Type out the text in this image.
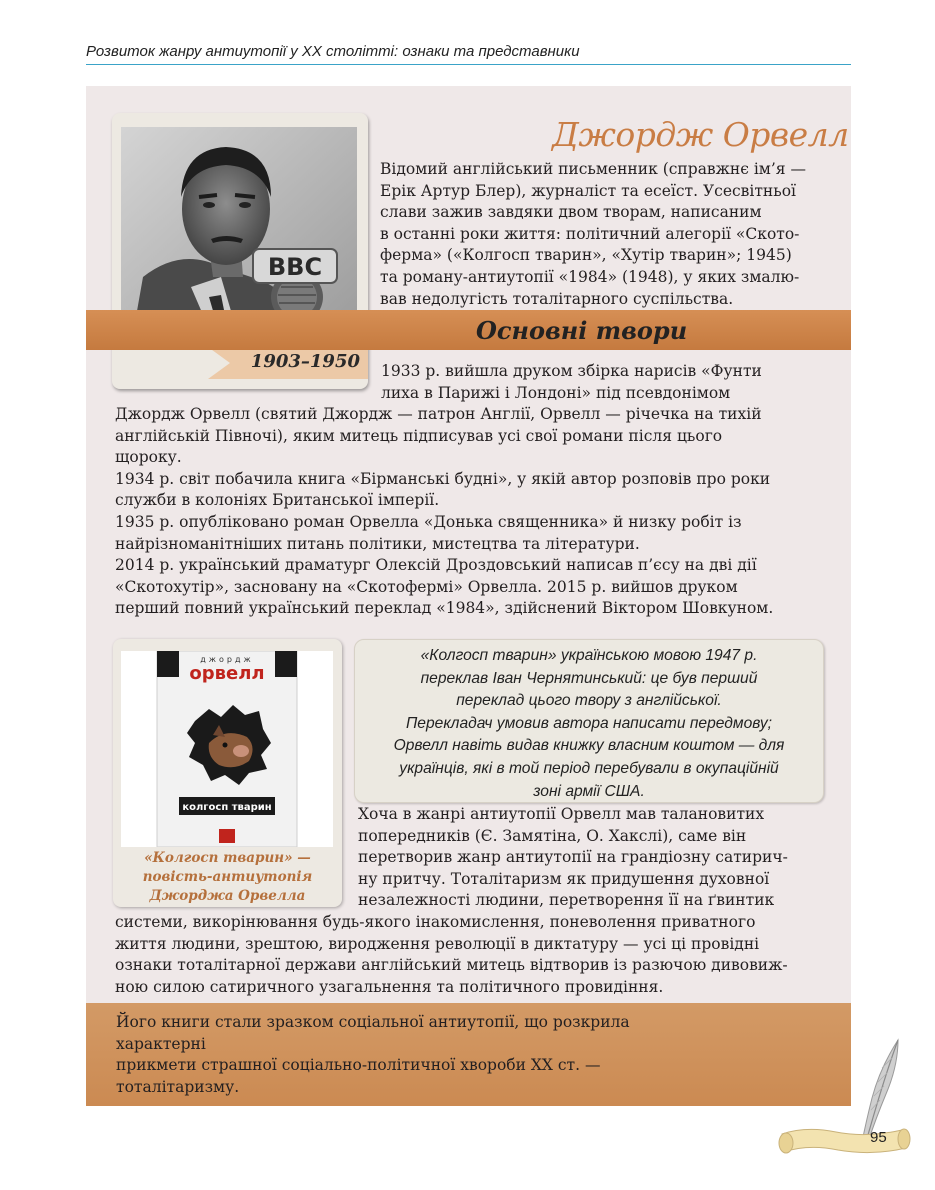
Розвиток жанру антиутопії у XX столітті: ознаки та представники
BBC
1903–1950
Джордж Орвелл

Відомий англійський письменник (справжнє ім’я —

Ерік Артур Блер), журналіст та есеїст. Усесвітньої

слави зажив завдяки двом творам, написаним

в останні роки життя: політичний алегорії «Ското-

ферма» («Колгосп тварин», «Хутір тварин»; 1945)

та роману-антиутопії «1984» (1948), у яких змалю-

вав недолугість тоталітарного суспільства.

Основні твори

1933 р. вийшла друком збірка нарисів «Фунти

лиха в Парижі і Лондоні» під псевдонімом

Джордж Орвелл (святий Джордж — патрон Англії, Орвелл — річечка на тихій

англійській Півночі), яким митець підписував усі свої романи після цього

щороку.

1934 р. світ побачила книга «Бірманські будні», у якій автор розповів про роки

служби в колоніях Британської імперії.

1935 р. опубліковано роман Орвелла «Донька священника» й низку робіт із

найрізноманітніших питань політики, мистецтва та літератури.

2014 р. український драматург Олексій Дроздовський написав п’єсу на дві дії

«Скотохутір», засновану на «Скотофермі» Орвелла. 2015 р. вийшов друком

перший повний український переклад «1984», здійснений Віктором Шовкуном.

джордж
орвелл
колгосп тварин
«Колгосп тварин» —
повість-антиутопія
Джорджа Орвелла
«Колгосп тварин» українською мовою 1947 р.
переклав Іван Чернятинський: це був перший
переклад цього твору з англійської.
Перекладач умовив автора написати передмову;
Орвелл навіть видав книжку власним коштом — для
українців, які в той період перебували в окупаційній
зоні армії США.

Хоча в жанрі антиутопії Орвелл мав талановитих

попередників (Є. Замятіна, О. Хакслі), саме він

перетворив жанр антиутопії на грандіозну сатирич-

ну притчу. Тоталітаризм як придушення духовної

незалежності людини, перетворення її на ґвинтик

системи, викорінювання будь-якого інакомислення, поневолення приватного

життя людини, зрештою, виродження революції в диктатуру — усі ці провідні

ознаки тоталітарної держави англійський митець відтворив із разючою дивовиж-

ною силою сатиричного узагальнення та політичного провидіння.

Його книги стали зразком соціальної антиутопії, що розкрила характерні

прикмети страшної соціально-політичної хвороби XX ст. —

тоталітаризму.

95
